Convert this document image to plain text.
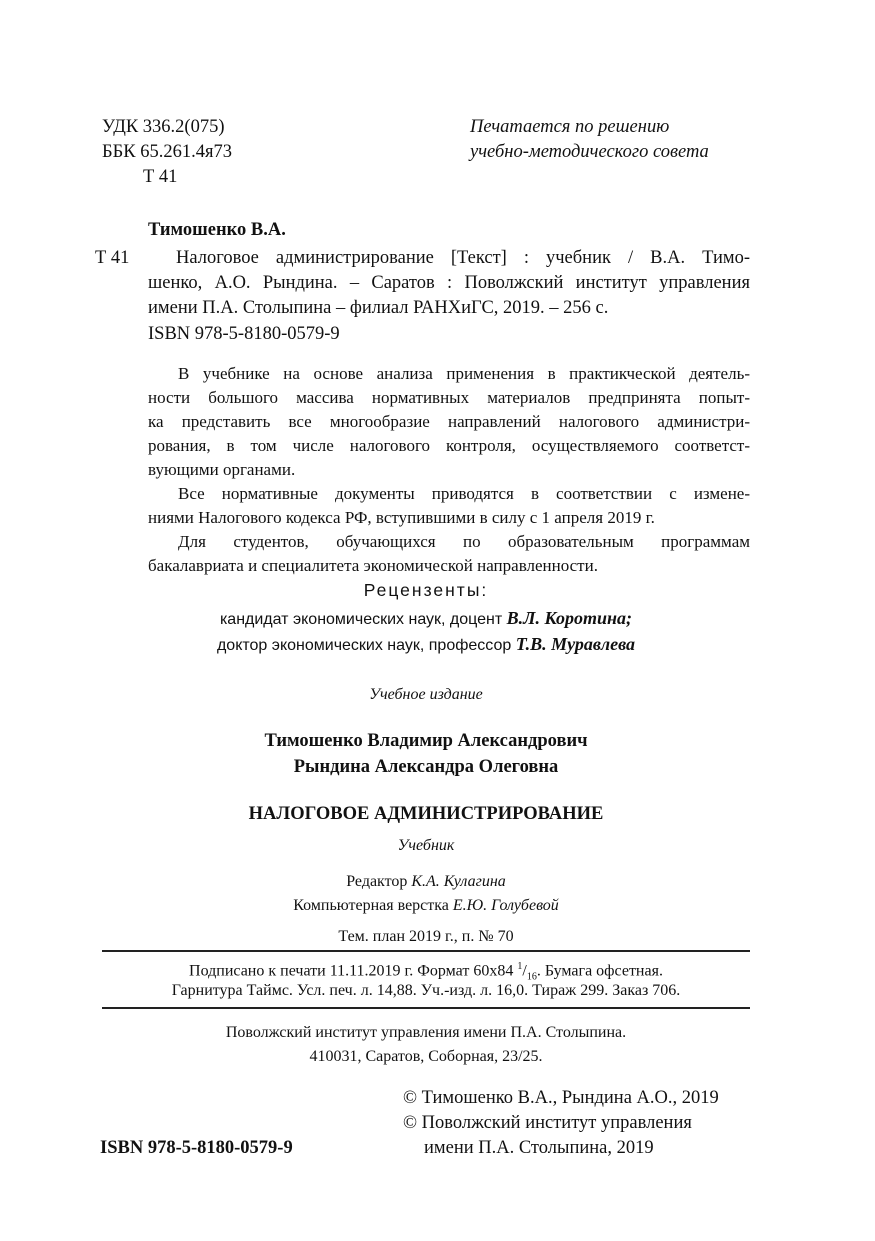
УДК 336.2(075)
ББК 65.261.4я73
Т 41
Печатается по решению
учебно-методического совета
Тимошенко В.А.
Т 41	Налоговое администрирование [Текст] : учебник / В.А. Тимо-
шенко, А.О. Рындина. – Саратов : Поволжский институт управления
имени П.А. Столыпина – филиал РАНХиГС, 2019. – 256 с.
ISBN 978-5-8180-0579-9
В учебнике на основе анализа применения в практикческой деятель-
ности большого массива нормативных материалов предпринята попыт-
ка представить все многообразие направлений налогового администри-
рования, в том числе налогового контроля, осуществляемого соответст-
вующими органами.
Все нормативные документы приводятся в соответствии с измене-
ниями Налогового кодекса РФ, вступившими в силу с 1 апреля 2019 г.
Для студентов, обучающихся по образовательным программам
бакалавриата и специалитета экономической направленности.
Рецензенты:
кандидат экономических наук, доцент В.Л. Коротина;
доктор экономических наук, профессор Т.В. Муравлева
Учебное издание
Тимошенко Владимир Александрович
Рындина Александра Олеговна
НАЛОГОВОЕ АДМИНИСТРИРОВАНИЕ
Учебник
Редактор К.А. Кулагина
Компьютерная верстка Е.Ю. Голубевой
Тем. план 2019 г., п. № 70
Подписано к печати 11.11.2019 г. Формат 60х84 $^1/_{16}$. Бумага офсетная.
Гарнитура Таймс. Усл. печ. л. 14,88. Уч.-изд. л. 16,0. Тираж 299. Заказ 706.
Поволжский институт управления имени П.А. Столыпина.
410031, Саратов, Соборная, 23/25.
ISBN 978-5-8180-0579-9
© Тимошенко В.А., Рындина А.О., 2019
© Поволжский институт управления
имени П.А. Столыпина, 2019
